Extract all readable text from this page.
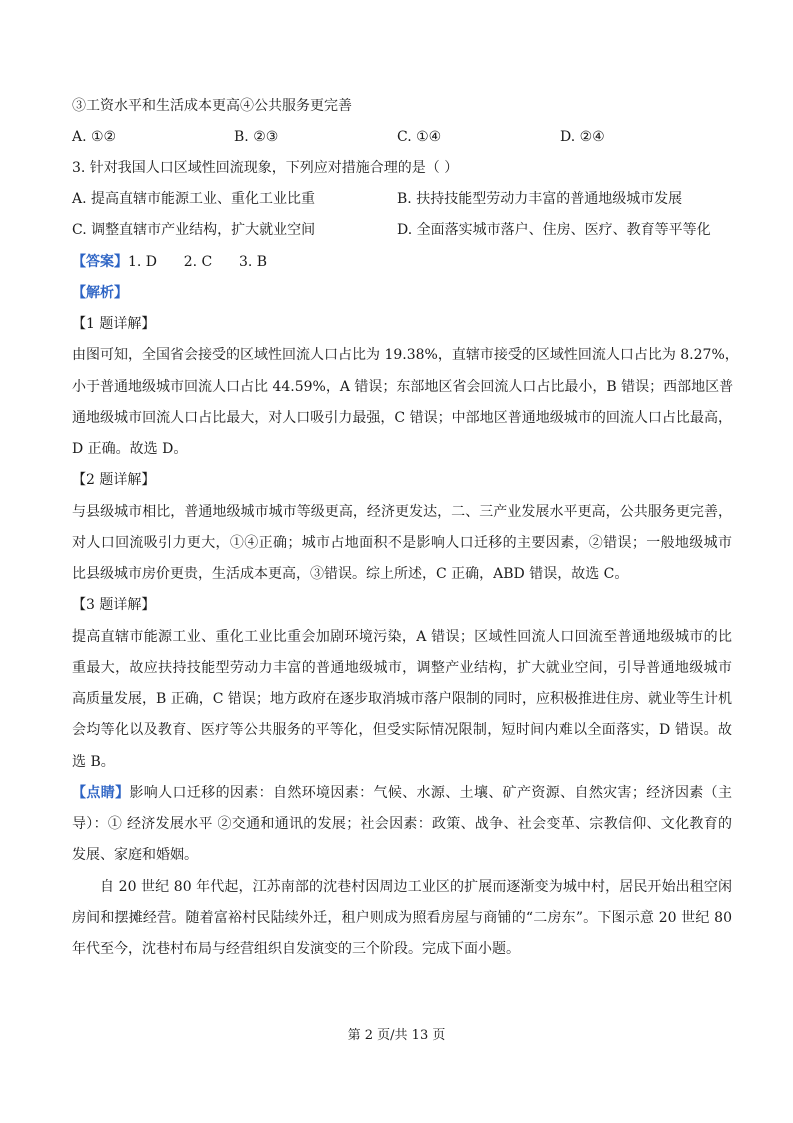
③工资水平和生活成本更高④公共服务更完善
A. ①②	B. ②③	C. ①④	D. ②④
3. 针对我国人口区域性回流现象，下列应对措施合理的是（ ）
A. 提高直辖市能源工业、重化工业比重	B. 扶持技能型劳动力丰富的普通地级城市发展
C. 调整直辖市产业结构，扩大就业空间	D. 全面落实城市落户、住房、医疗、教育等平等化
【答案】1. D      2. C      3. B
【解析】
【1 题详解】
由图可知，全国省会接受的区域性回流人口占比为 19.38%，直辖市接受的区域性回流人口占比为 8.27%，
小于普通地级城市回流人口占比 44.59%，A 错误；东部地区省会回流人口占比最小，B 错误；西部地区普
通地级城市回流人口占比最大，对人口吸引力最强，C 错误；中部地区普通地级城市的回流人口占比最高，
D 正确。故选 D。
【2 题详解】
与县级城市相比，普通地级城市城市等级更高，经济更发达，二、三产业发展水平更高，公共服务更完善，
对人口回流吸引力更大，①④正确；城市占地面积不是影响人口迁移的主要因素，②错误；一般地级城市
比县级城市房价更贵，生活成本更高，③错误。综上所述，C 正确，ABD 错误，故选 C。
【3 题详解】
提高直辖市能源工业、重化工业比重会加剧环境污染，A 错误；区域性回流人口回流至普通地级城市的比
重最大，故应扶持技能型劳动力丰富的普通地级城市，调整产业结构，扩大就业空间，引导普通地级城市
高质量发展，B 正确，C 错误；地方政府在逐步取消城市落户限制的同时，应积极推进住房、就业等生计机
会均等化以及教育、医疗等公共服务的平等化，但受实际情况限制，短时间内难以全面落实，D 错误。故
选 B。
【点睛】影响人口迁移的因素：自然环境因素：气候、水源、土壤、矿产资源、自然灾害；经济因素（主
导）：① 经济发展水平 ②交通和通讯的发展；社会因素：政策、战争、社会变革、宗教信仰、文化教育的
发展、家庭和婚姻。
自 20 世纪 80 年代起，江苏南部的沈巷村因周边工业区的扩展而逐渐变为城中村，居民开始出租空闲
房间和摆摊经营。随着富裕村民陆续外迁，租户则成为照看房屋与商铺的“二房东”。下图示意 20 世纪 80
年代至今，沈巷村布局与经营组织自发演变的三个阶段。完成下面小题。
第 2 页/共 13 页
